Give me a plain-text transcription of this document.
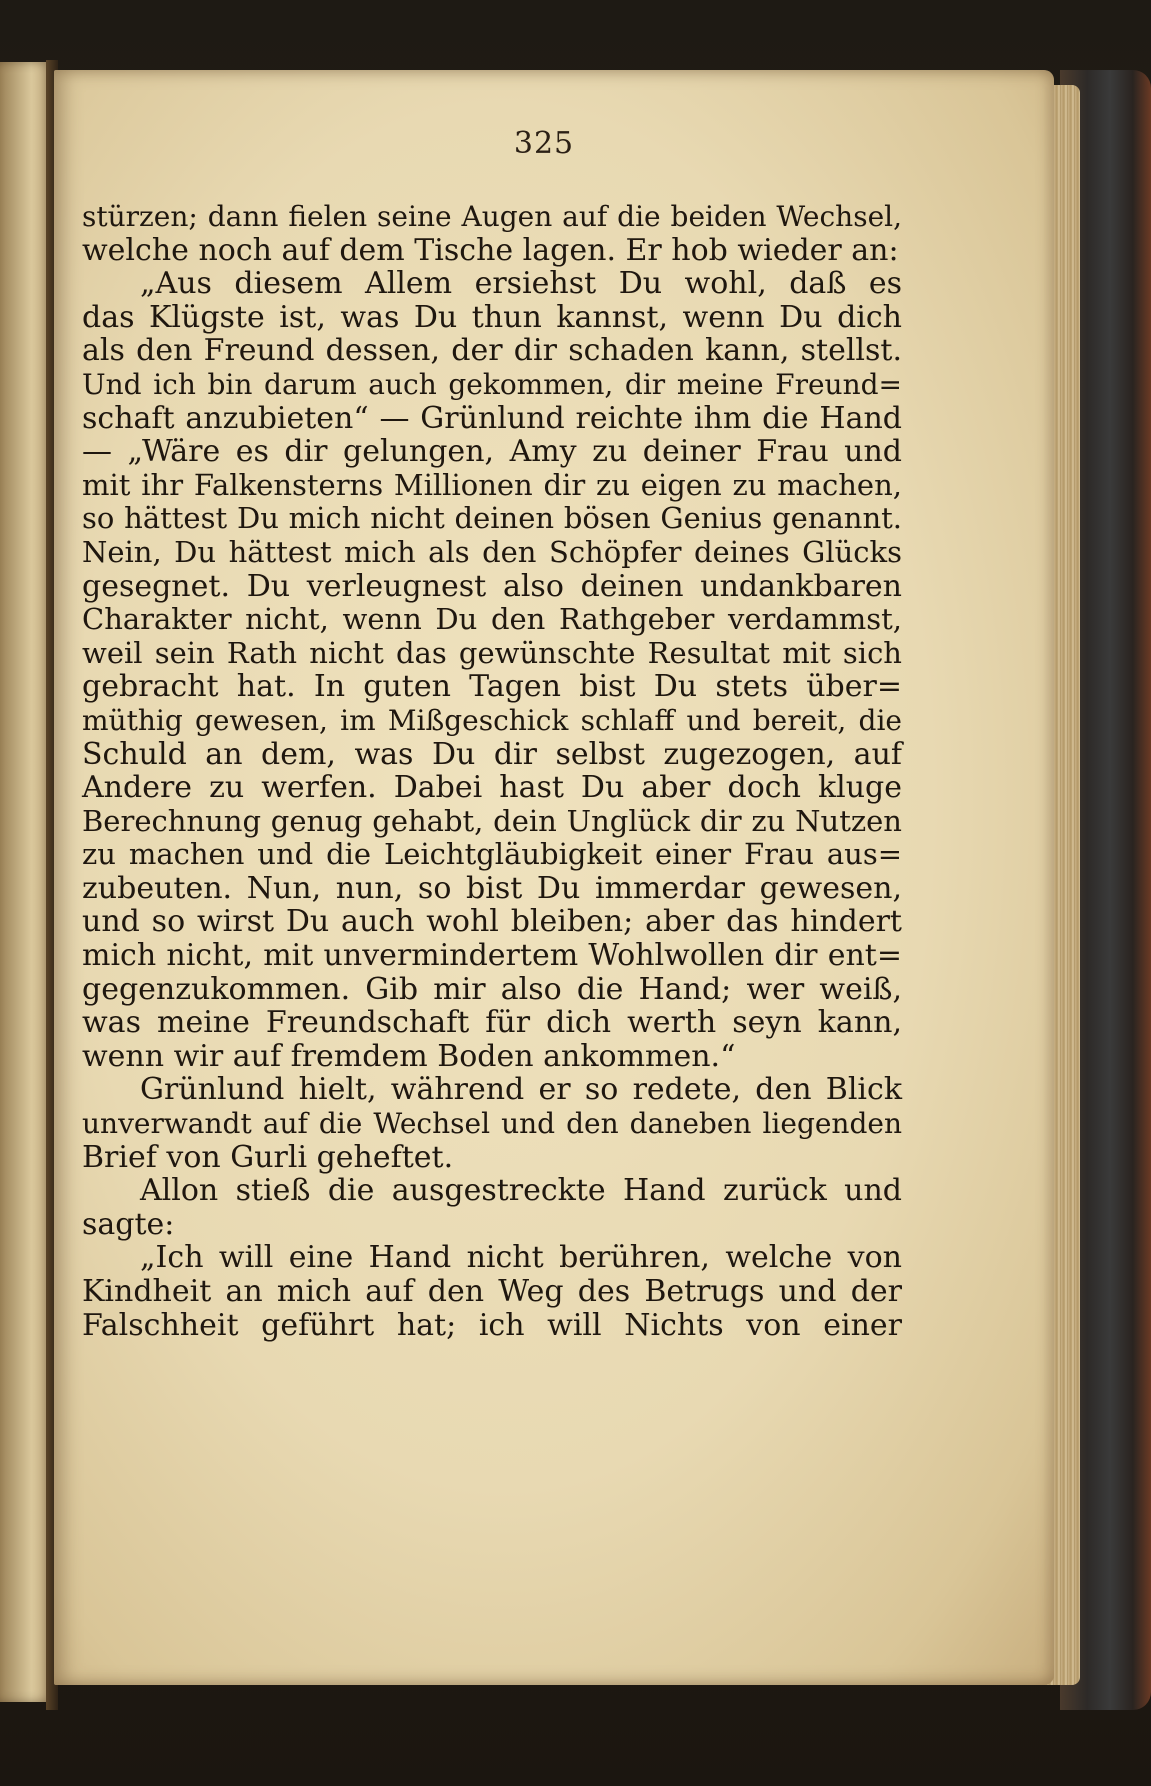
325
stürzen; dann fielen seine Augen auf die beiden Wechsel,
welche noch auf dem Tische lagen. Er hob wieder an:
„Aus diesem Allem ersiehst Du wohl, daß es
das Klügste ist, was Du thun kannst, wenn Du dich
als den Freund dessen, der dir schaden kann, stellst.
Und ich bin darum auch gekommen, dir meine Freund=
schaft anzubieten“ — Grünlund reichte ihm die Hand
— „Wäre es dir gelungen, Amy zu deiner Frau und
mit ihr Falkensterns Millionen dir zu eigen zu machen,
so hättest Du mich nicht deinen bösen Genius genannt.
Nein, Du hättest mich als den Schöpfer deines Glücks
gesegnet. Du verleugnest also deinen undankbaren
Charakter nicht, wenn Du den Rathgeber verdammst,
weil sein Rath nicht das gewünschte Resultat mit sich
gebracht hat. In guten Tagen bist Du stets über=
müthig gewesen, im Mißgeschick schlaff und bereit, die
Schuld an dem, was Du dir selbst zugezogen, auf
Andere zu werfen. Dabei hast Du aber doch kluge
Berechnung genug gehabt, dein Unglück dir zu Nutzen
zu machen und die Leichtgläubigkeit einer Frau aus=
zubeuten. Nun, nun, so bist Du immerdar gewesen,
und so wirst Du auch wohl bleiben; aber das hindert
mich nicht, mit unvermindertem Wohlwollen dir ent=
gegenzukommen. Gib mir also die Hand; wer weiß,
was meine Freundschaft für dich werth seyn kann,
wenn wir auf fremdem Boden ankommen.“
Grünlund hielt, während er so redete, den Blick
unverwandt auf die Wechsel und den daneben liegenden
Brief von Gurli geheftet.
Allon stieß die ausgestreckte Hand zurück und
sagte:
„Ich will eine Hand nicht berühren, welche von
Kindheit an mich auf den Weg des Betrugs und der
Falschheit geführt hat; ich will Nichts von einer
